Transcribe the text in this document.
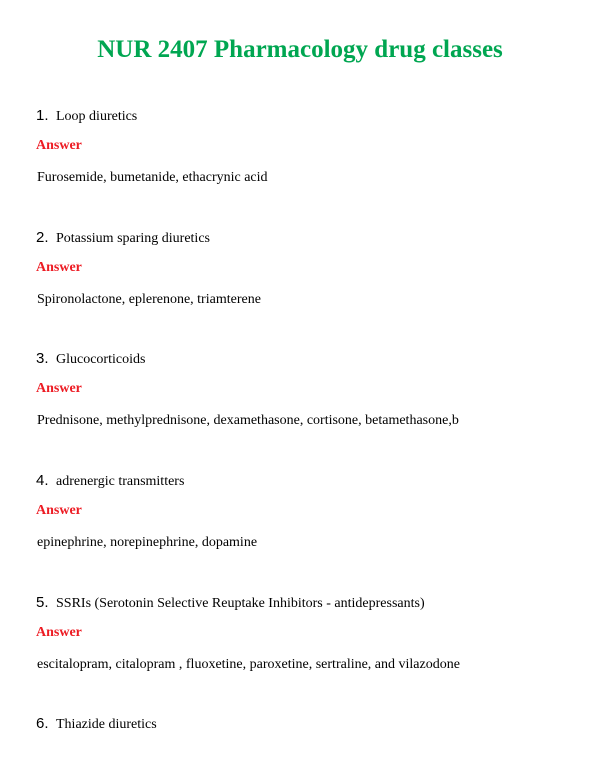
NUR 2407 Pharmacology drug classes
1. Loop diuretics
Answer
Furosemide, bumetanide, ethacrynic acid
2. Potassium sparing diuretics
Answer
Spironolactone, eplerenone, triamterene
3. Glucocorticoids
Answer
Prednisone, methylprednisone, dexamethasone, cortisone, betamethasone,b
4. adrenergic transmitters
Answer
epinephrine, norepinephrine, dopamine
5. SSRIs (Serotonin Selective Reuptake Inhibitors - antidepressants)
Answer
escitalopram, citalopram , fluoxetine, paroxetine, sertraline, and vilazodone
6. Thiazide diuretics
